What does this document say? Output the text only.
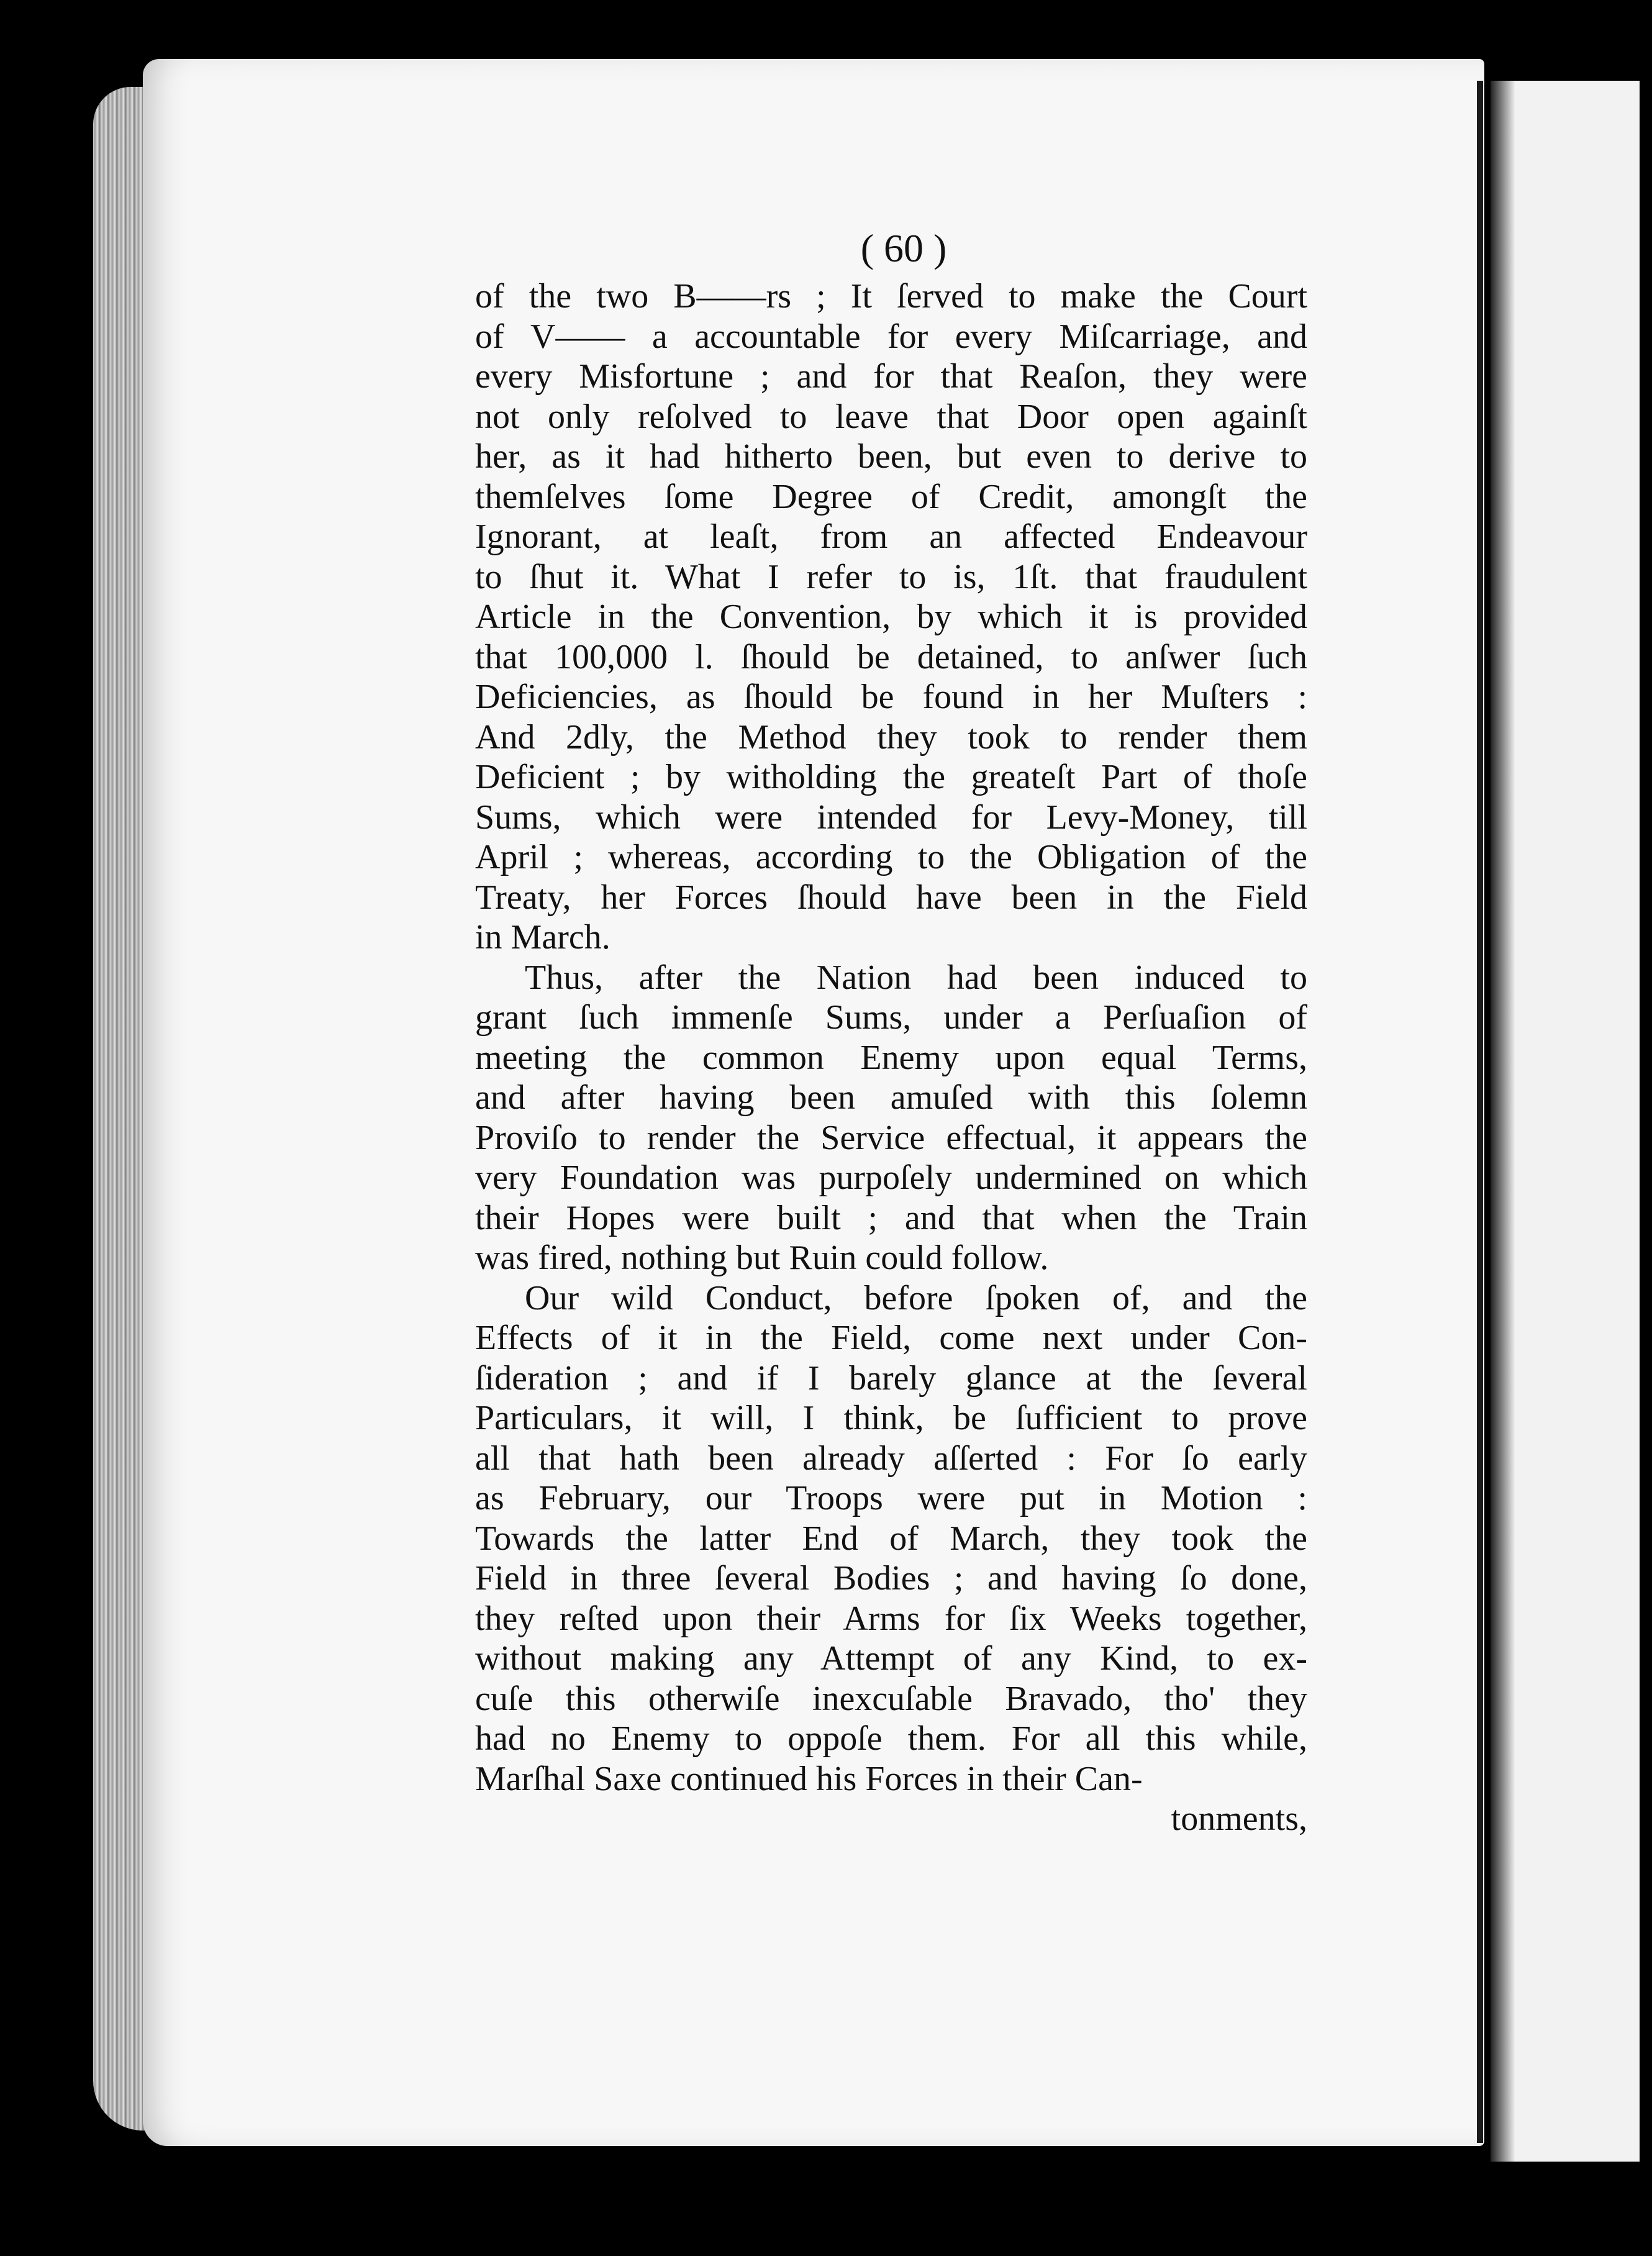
( 60 )
of the two B——rs ; It ſerved to make the Court
of V—— a accountable for every Miſcarriage, and
every Misfortune ; and for that Reaſon, they were
not only reſolved to leave that Door open againſt
her, as it had hitherto been, but even to derive to
themſelves ſome Degree of Credit, amongſt the
Ignorant, at leaſt, from an affected Endeavour
to ſhut it. What I refer to is, 1ſt. that fraudulent
Article in the Convention, by which it is provided
that 100,000 l. ſhould be detained, to anſwer ſuch
Deficiencies, as ſhould be found in her Muſters :
And 2dly, the Method they took to render them
Deficient ; by witholding the greateſt Part of thoſe
Sums, which were intended for Levy-Money, till
April ; whereas, according to the Obligation of the
Treaty, her Forces ſhould have been in the Field
in March.
Thus, after the Nation had been induced to
grant ſuch immenſe Sums, under a Perſuaſion of
meeting the common Enemy upon equal Terms,
and after having been amuſed with this ſolemn
Proviſo to render the Service effectual, it appears the
very Foundation was purpoſely undermined on which
their Hopes were built ; and that when the Train
was fired, nothing but Ruin could follow.
Our wild Conduct, before ſpoken of, and the
Effects of it in the Field, come next under Con-
ſideration ; and if I barely glance at the ſeveral
Particulars, it will, I think, be ſufficient to prove
all that hath been already aſſerted : For ſo early
as February, our Troops were put in Motion :
Towards the latter End of March, they took the
Field in three ſeveral Bodies ; and having ſo done,
they reſted upon their Arms for ſix Weeks together,
without making any Attempt of any Kind, to ex-
cuſe this otherwiſe inexcuſable Bravado, tho' they
had no Enemy to oppoſe them. For all this while,
Marſhal Saxe continued his Forces in their Can-
tonments,
